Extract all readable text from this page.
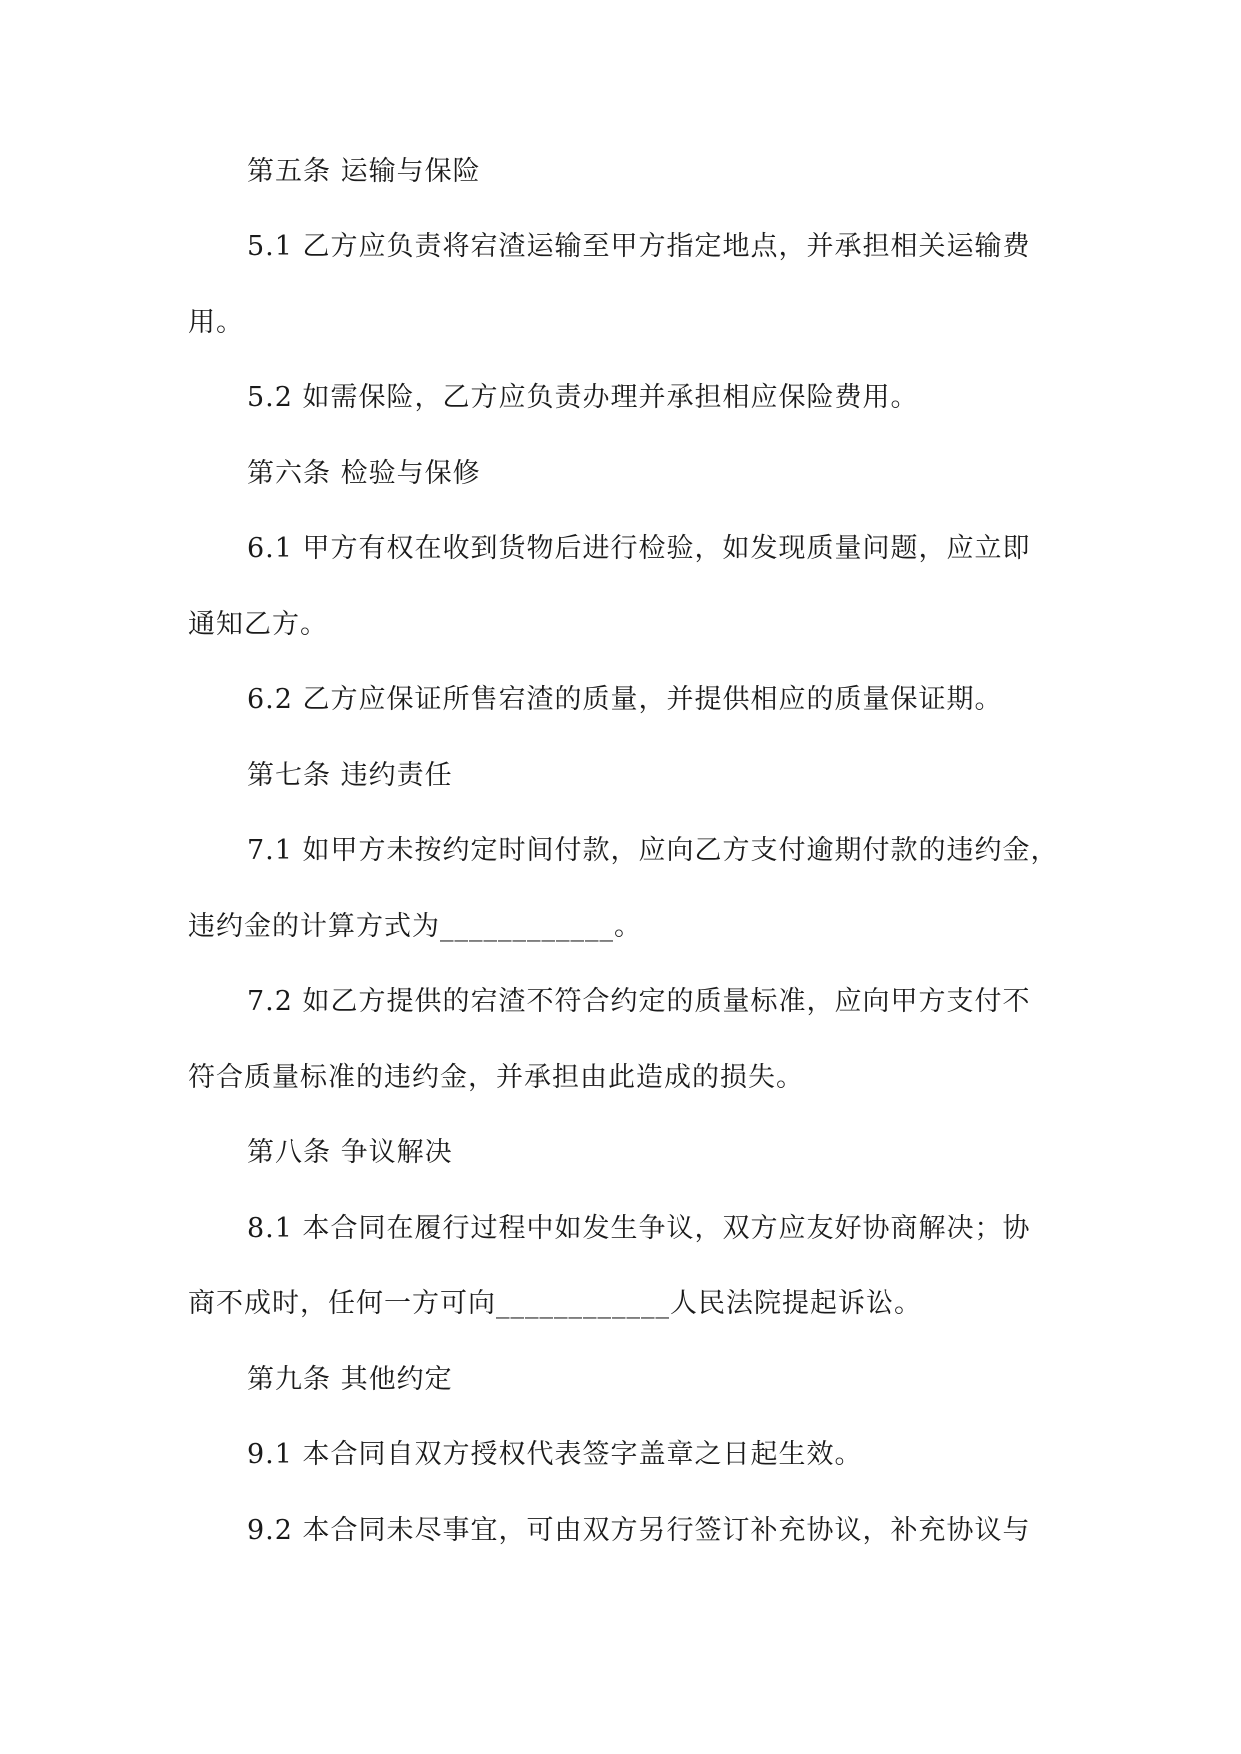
第五条 运输与保险
5.1 乙方应负责将宕渣运输至甲方指定地点，并承担相关运输费
用。
5.2 如需保险，乙方应负责办理并承担相应保险费用。
第六条 检验与保修
6.1 甲方有权在收到货物后进行检验，如发现质量问题，应立即
通知乙方。
6.2 乙方应保证所售宕渣的质量，并提供相应的质量保证期。
第七条 违约责任
7.1 如甲方未按约定时间付款，应向乙方支付逾期付款的违约金，
违约金的计算方式为____________。
7.2 如乙方提供的宕渣不符合约定的质量标准，应向甲方支付不
符合质量标准的违约金，并承担由此造成的损失。
第八条 争议解决
8.1 本合同在履行过程中如发生争议，双方应友好协商解决；协
商不成时，任何一方可向____________人民法院提起诉讼。
第九条 其他约定
9.1 本合同自双方授权代表签字盖章之日起生效。
9.2 本合同未尽事宜，可由双方另行签订补充协议，补充协议与
